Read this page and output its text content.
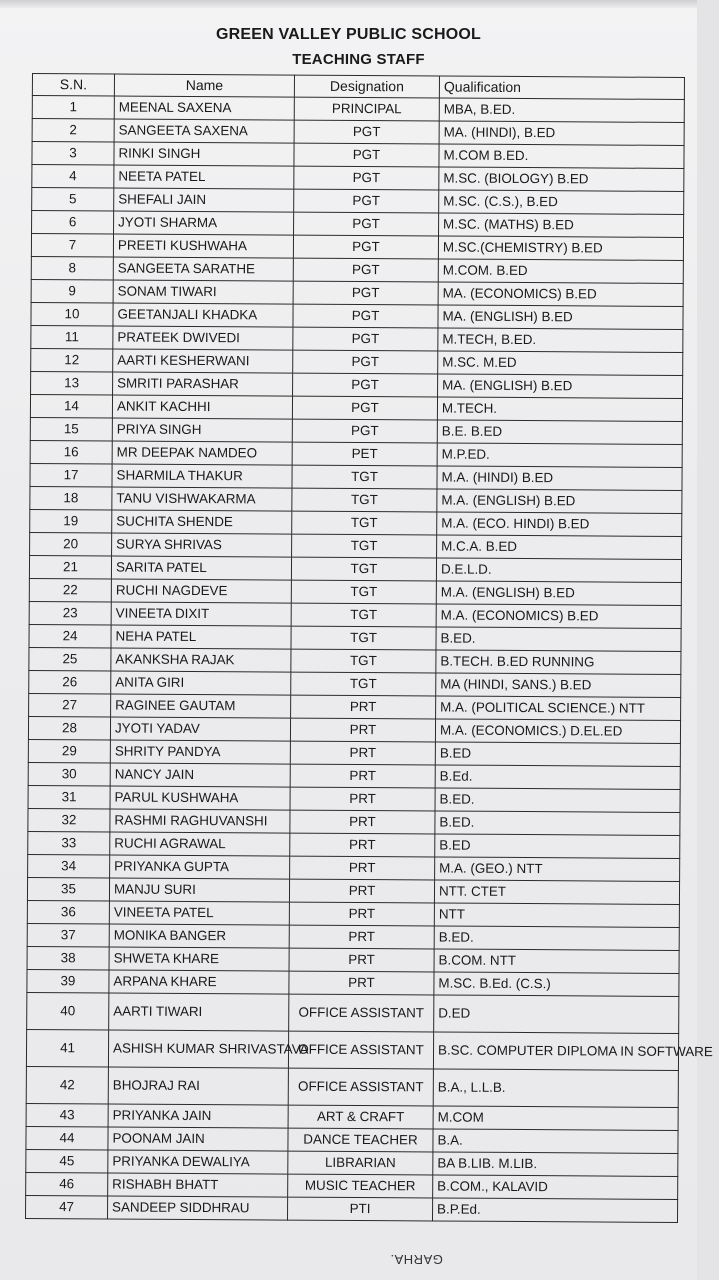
GREEN VALLEY PUBLIC SCHOOL
TEACHING STAFF
S.N.	Name	Designation	Qualification
1	MEENAL SAXENA	PRINCIPAL	MBA, B.ED.
2	SANGEETA SAXENA	PGT	MA. (HINDI), B.ED
3	RINKI SINGH	PGT	M.COM B.ED.
4	NEETA PATEL	PGT	M.SC. (BIOLOGY) B.ED
5	SHEFALI JAIN	PGT	M.SC. (C.S.), B.ED
6	JYOTI SHARMA	PGT	M.SC. (MATHS) B.ED
7	PREETI KUSHWAHA	PGT	M.SC.(CHEMISTRY) B.ED
8	SANGEETA SARATHE	PGT	M.COM. B.ED
9	SONAM TIWARI	PGT	MA. (ECONOMICS) B.ED
10	GEETANJALI KHADKA	PGT	MA. (ENGLISH) B.ED
11	PRATEEK DWIVEDI	PGT	M.TECH, B.ED.
12	AARTI KESHERWANI	PGT	M.SC. M.ED
13	SMRITI PARASHAR	PGT	MA. (ENGLISH) B.ED
14	ANKIT KACHHI	PGT	M.TECH.
15	PRIYA SINGH	PGT	B.E. B.ED
16	MR DEEPAK NAMDEO	PET	M.P.ED.
17	SHARMILA THAKUR	TGT	M.A. (HINDI) B.ED
18	TANU VISHWAKARMA	TGT	M.A. (ENGLISH) B.ED
19	SUCHITA SHENDE	TGT	M.A. (ECO. HINDI) B.ED
20	SURYA SHRIVAS	TGT	M.C.A. B.ED
21	SARITA PATEL	TGT	D.E.L.D.
22	RUCHI NAGDEVE	TGT	M.A. (ENGLISH) B.ED
23	VINEETA DIXIT	TGT	M.A. (ECONOMICS) B.ED
24	NEHA PATEL	TGT	B.ED.
25	AKANKSHA RAJAK	TGT	B.TECH. B.ED RUNNING
26	ANITA GIRI	TGT	MA (HINDI, SANS.) B.ED
27	RAGINEE GAUTAM	PRT	M.A. (POLITICAL SCIENCE.) NTT
28	JYOTI YADAV	PRT	M.A. (ECONOMICS.) D.EL.ED
29	SHRITY PANDYA	PRT	B.ED
30	NANCY JAIN	PRT	B.Ed.
31	PARUL KUSHWAHA	PRT	B.ED.
32	RASHMI RAGHUVANSHI	PRT	B.ED.
33	RUCHI AGRAWAL	PRT	B.ED
34	PRIYANKA GUPTA	PRT	M.A. (GEO.) NTT
35	MANJU SURI	PRT	NTT. CTET
36	VINEETA PATEL	PRT	NTT
37	MONIKA BANGER	PRT	B.ED.
38	SHWETA KHARE	PRT	B.COM. NTT
39	ARPANA KHARE	PRT	M.SC. B.Ed. (C.S.)
40	AARTI TIWARI	OFFICE ASSISTANT	D.ED
41	ASHISH KUMAR SHRIVASTAVA	OFFICE ASSISTANT	B.SC. COMPUTER DIPLOMA IN SOFTWARE
42	BHOJRAJ RAI	OFFICE ASSISTANT	B.A., L.L.B.
43	PRIYANKA JAIN	ART & CRAFT	M.COM
44	POONAM JAIN	DANCE TEACHER	B.A.
45	PRIYANKA DEWALIYA	LIBRARIAN	BA B.LIB. M.LIB.
46	RISHABH BHATT	MUSIC TEACHER	B.COM., KALAVID
47	SANDEEP SIDDHRAU	PTI	B.P.Ed.
GARHA.
